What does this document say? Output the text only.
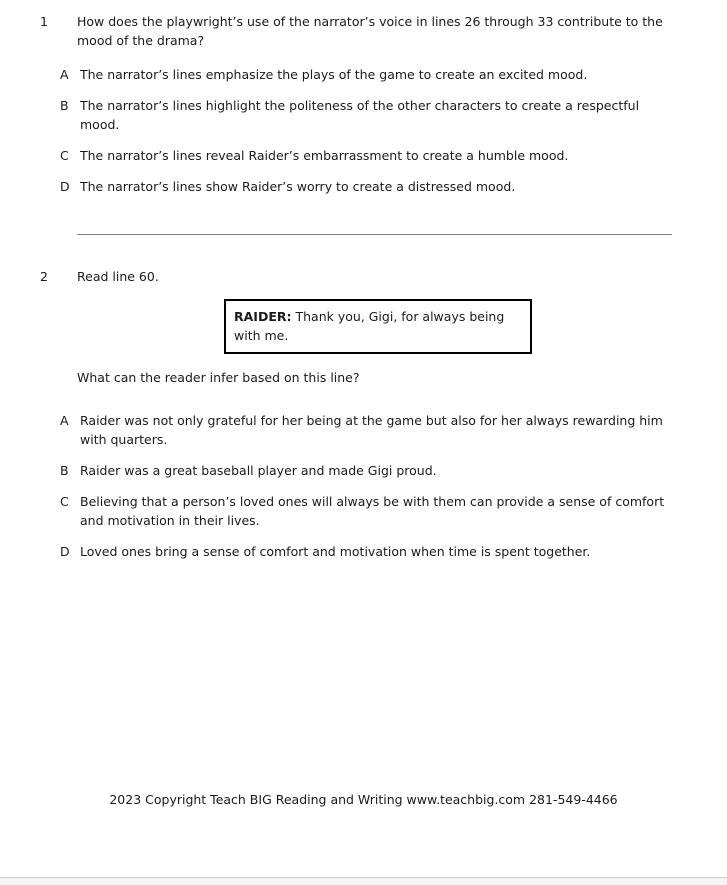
1	How does the playwright’s use of the narrator’s voice in lines 26 through 33 contribute to the mood of the drama?
A The narrator’s lines emphasize the plays of the game to create an excited mood.
B The narrator’s lines highlight the politeness of the other characters to create a respectful mood.
C The narrator’s lines reveal Raider’s embarrassment to create a humble mood.
D The narrator’s lines show Raider’s worry to create a distressed mood.
2	Read line 60.
RAIDER: Thank you, Gigi, for always being with me.
What can the reader infer based on this line?
A Raider was not only grateful for her being at the game but also for her always rewarding him with quarters.
B Raider was a great baseball player and made Gigi proud.
C Believing that a person’s loved ones will always be with them can provide a sense of comfort and motivation in their lives.
D Loved ones bring a sense of comfort and motivation when time is spent together.
2023 Copyright Teach BIG Reading and Writing www.teachbig.com 281-549-4466
